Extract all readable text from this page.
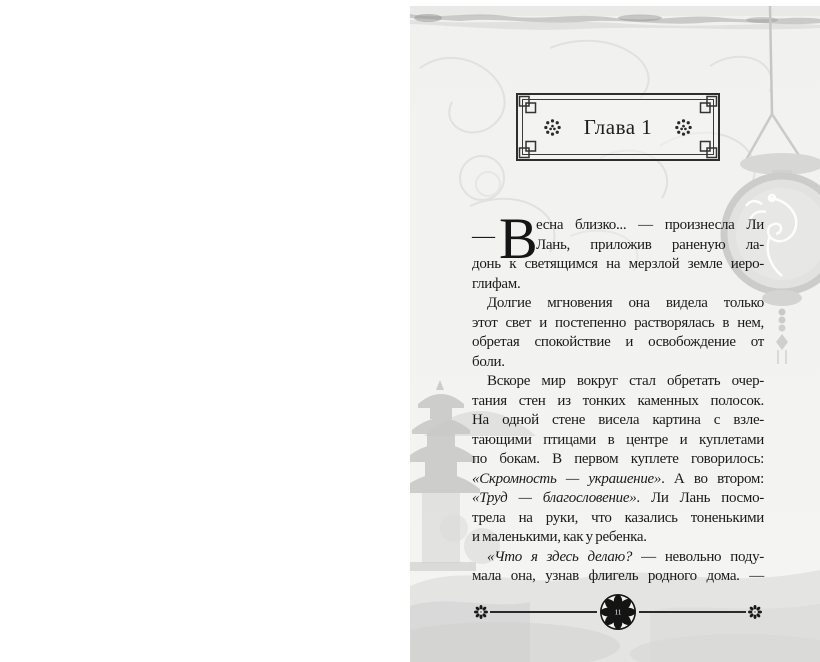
Глава 1
— В
есна близко... — произнесла Ли
Лань, приложив раненую ла-
донь к светящимся на мерзлой земле иеро-
глифам.
Долгие мгновения она видела только
этот свет и постепенно растворялась в нем,
обретая спокойствие и освобождение от
боли.
Вскоре мир вокруг стал обретать очер-
тания стен из тонких каменных полосок.
На одной стене висела картина с взле-
тающими птицами в центре и куплетами
по бокам. В первом куплете говорилось:
«Скромность — украшение». А во втором:
«Труд — благословение». Ли Лань посмо-
трела на руки, что казались тоненькими
и маленькими, как у ребенка.
«Что я здесь делаю? — невольно поду-
мала она, узнав флигель родного дома. —
11
